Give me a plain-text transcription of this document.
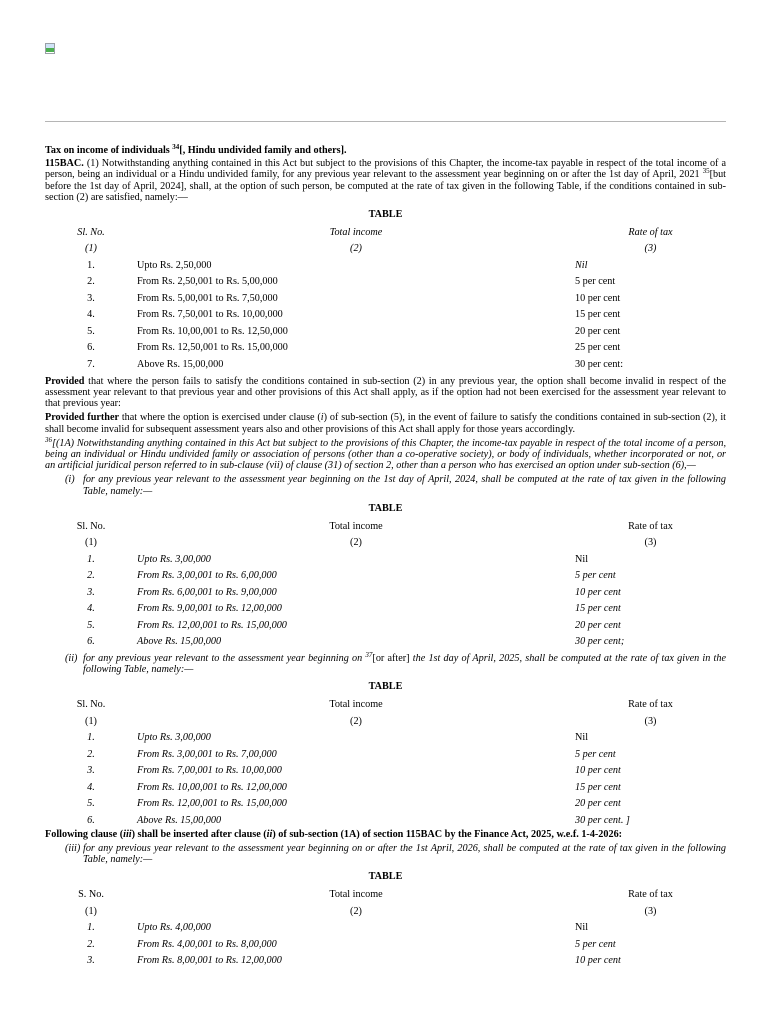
Tax on income of individuals $^{34}$[, Hindu undivided family and others].

115BAC. (1) Notwithstanding anything contained in this Act but subject to the provisions of this Chapter, the income-tax payable in respect of the total income of a person, being an individual or a Hindu undivided family, for any previous year relevant to the assessment year beginning on or after the 1st day of April, 2021 $^{35}$[but before the 1st day of April, 2024], shall, at the option of such person, be computed at the rate of tax given in the following Table, if the conditions contained in sub-section (2) are satisfied, namely:—

TABLE
Sl. No.	Total income	Rate of tax
(1)	(2)	(3)
1.	Upto Rs. 2,50,000	Nil
2.	From Rs. 2,50,001 to Rs. 5,00,000	5 per cent
3.	From Rs. 5,00,001 to Rs. 7,50,000	10 per cent
4.	From Rs. 7,50,001 to Rs. 10,00,000	15 per cent
5.	From Rs. 10,00,001 to Rs. 12,50,000	20 per cent
6.	From Rs. 12,50,001 to Rs. 15,00,000	25 per cent
7.	Above Rs. 15,00,000	30 per cent:

Provided that where the person fails to satisfy the conditions contained in sub-section (2) in any previous year, the option shall become invalid in respect of the assessment year relevant to that previous year and other provisions of this Act shall apply, as if the option had not been exercised for the assessment year relevant to that previous year:

Provided further that where the option is exercised under clause (i) of sub-section (5), in the event of failure to satisfy the conditions contained in sub-section (2), it shall become invalid for subsequent assessment years also and other provisions of this Act shall apply for those years accordingly.

$^{36}$[(1A) Notwithstanding anything contained in this Act but subject to the provisions of this Chapter, the income-tax payable in respect of the total income of a person, being an individual or Hindu undivided family or association of persons (other than a co-operative society), or body of individuals, whether incorporated or not, or an artificial juridical person referred to in sub-clause (vii) of clause (31) of section 2, other than a person who has exercised an option under sub-section (6),—

(i) for any previous year relevant to the assessment year beginning on the 1st day of April, 2024, shall be computed at the rate of tax given in the following Table, namely:—
TABLE
Sl. No.	Total income	Rate of tax
(1)	(2)	(3)
1.	Upto Rs. 3,00,000	Nil
2.	From Rs. 3,00,001 to Rs. 6,00,000	5 per cent
3.	From Rs. 6,00,001 to Rs. 9,00,000	10 per cent
4.	From Rs. 9,00,001 to Rs. 12,00,000	15 per cent
5.	From Rs. 12,00,001 to Rs. 15,00,000	20 per cent
6.	Above Rs. 15,00,000	30 per cent;
(ii) for any previous year relevant to the assessment year beginning on $^{37}$[or after] the 1st day of April, 2025, shall be computed at the rate of tax given in the following Table, namely:—
TABLE
Sl. No.	Total income	Rate of tax
(1)	(2)	(3)
1.	Upto Rs. 3,00,000	Nil
2.	From Rs. 3,00,001 to Rs. 7,00,000	5 per cent
3.	From Rs. 7,00,001 to Rs. 10,00,000	10 per cent
4.	From Rs. 10,00,001 to Rs. 12,00,000	15 per cent
5.	From Rs. 12,00,001 to Rs. 15,00,000	20 per cent
6.	Above Rs. 15,00,000	30 per cent. ]

Following clause (iii) shall be inserted after clause (ii) of sub-section (1A) of section 115BAC by the Finance Act, 2025, w.e.f. 1-4-2026:

(iii) for any previous year relevant to the assessment year beginning on or after the 1st April, 2026, shall be computed at the rate of tax given in the following Table, namely:—
TABLE
S. No.	Total income	Rate of tax
(1)	(2)	(3)
1.	Upto Rs. 4,00,000	Nil
2.	From Rs. 4,00,001 to Rs. 8,00,000	5 per cent
3.	From Rs. 8,00,001 to Rs. 12,00,000	10 per cent
